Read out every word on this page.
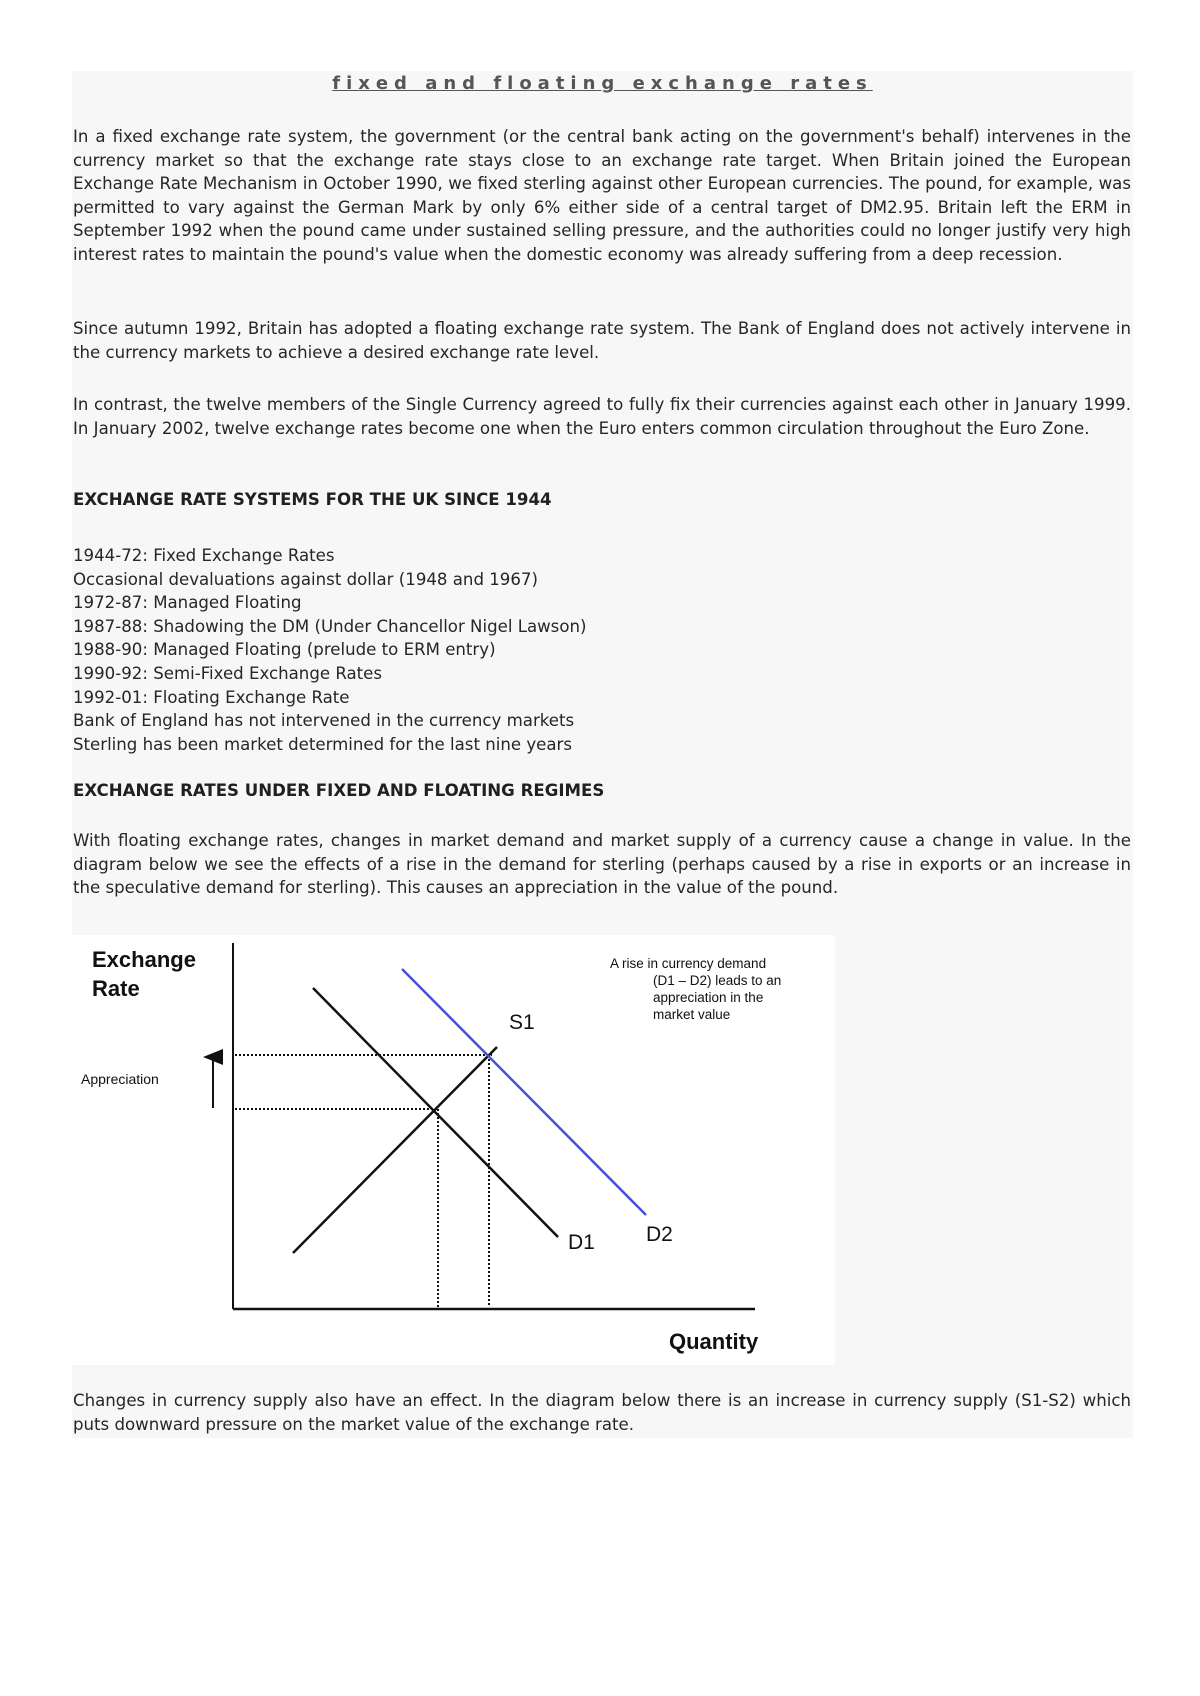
fixed and floating exchange rates

In a fixed exchange rate system, the government (or the central bank acting on the government's behalf) intervenes in the currency market so that the exchange rate stays close to an exchange rate target. When Britain joined the European Exchange Rate Mechanism in October 1990, we fixed sterling against other European currencies. The pound, for example, was permitted to vary against the German Mark by only 6% either side of a central target of DM2.95. Britain left the ERM in September 1992 when the pound came under sustained selling pressure, and the authorities could no longer justify very high interest rates to maintain the pound's value when the domestic economy was already suffering from a deep recession.

Since autumn 1992, Britain has adopted a floating exchange rate system. The Bank of England does not actively intervene in the currency markets to achieve a desired exchange rate level.

In contrast, the twelve members of the Single Currency agreed to fully fix their currencies against each other in January 1999. In January 2002, twelve exchange rates become one when the Euro enters common circulation throughout the Euro Zone.

EXCHANGE RATE SYSTEMS FOR THE UK SINCE 1944
1944-72: Fixed Exchange Rates
Occasional devaluations against dollar (1948 and 1967)
1972-87: Managed Floating
1987-88: Shadowing the DM (Under Chancellor Nigel Lawson)
1988-90: Managed Floating (prelude to ERM entry)
1990-92: Semi-Fixed Exchange Rates
1992-01: Floating Exchange Rate
Bank of England has not intervened in the currency markets
Sterling has been market determined for the last nine years
EXCHANGE RATES UNDER FIXED AND FLOATING REGIMES

With floating exchange rates, changes in market demand and market supply of a currency cause a change in value. In the diagram below we see the effects of a rise in the demand for sterling (perhaps caused by a rise in exports or an increase in the speculative demand for sterling). This causes an appreciation in the value of the pound.

Exchange
Rate
Quantity
Appreciation
S1
D1 D2
A rise in currency demand
(D1 – D2) leads to an
appreciation in the
market value

Changes in currency supply also have an effect. In the diagram below there is an increase in currency supply (S1-S2) which puts downward pressure on the market value of the exchange rate.
